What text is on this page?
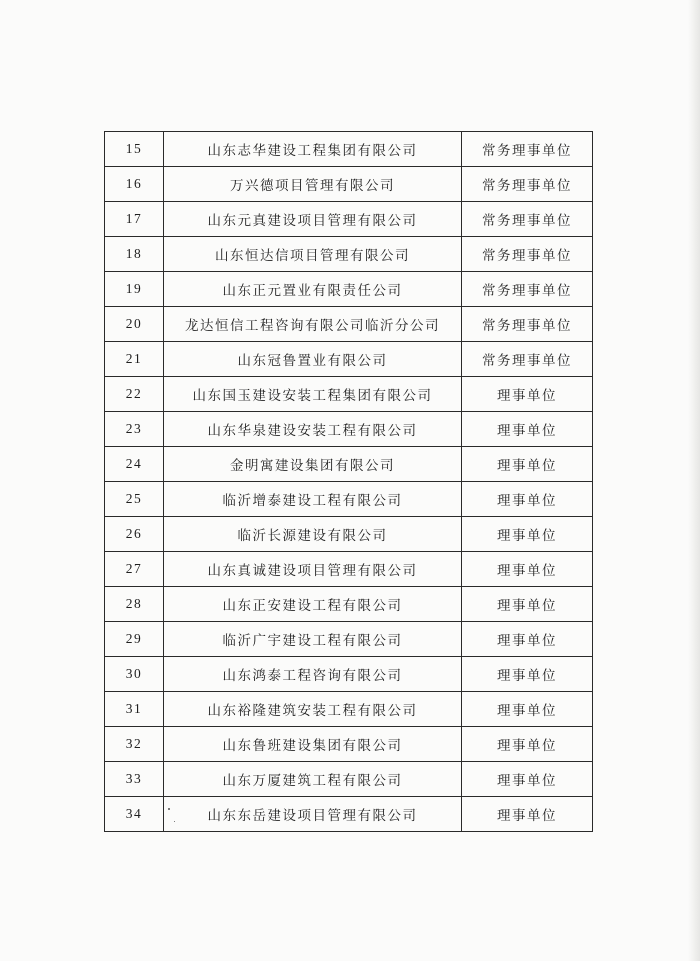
15	山东志华建设工程集团有限公司	常务理事单位
16	万兴德项目管理有限公司	常务理事单位
17	山东元真建设项目管理有限公司	常务理事单位
18	山东恒达信项目管理有限公司	常务理事单位
19	山东正元置业有限责任公司	常务理事单位
20	龙达恒信工程咨询有限公司临沂分公司	常务理事单位
21	山东冠鲁置业有限公司	常务理事单位
22	山东国玉建设安装工程集团有限公司	理事单位
23	山东华泉建设安装工程有限公司	理事单位
24	金明寓建设集团有限公司	理事单位
25	临沂增泰建设工程有限公司	理事单位
26	临沂长源建设有限公司	理事单位
27	山东真诚建设项目管理有限公司	理事单位
28	山东正安建设工程有限公司	理事单位
29	临沂广宇建设工程有限公司	理事单位
30	山东鸿泰工程咨询有限公司	理事单位
31	山东裕隆建筑安装工程有限公司	理事单位
32	山东鲁班建设集团有限公司	理事单位
33	山东万厦建筑工程有限公司	理事单位
34	山东东岳建设项目管理有限公司	理事单位
